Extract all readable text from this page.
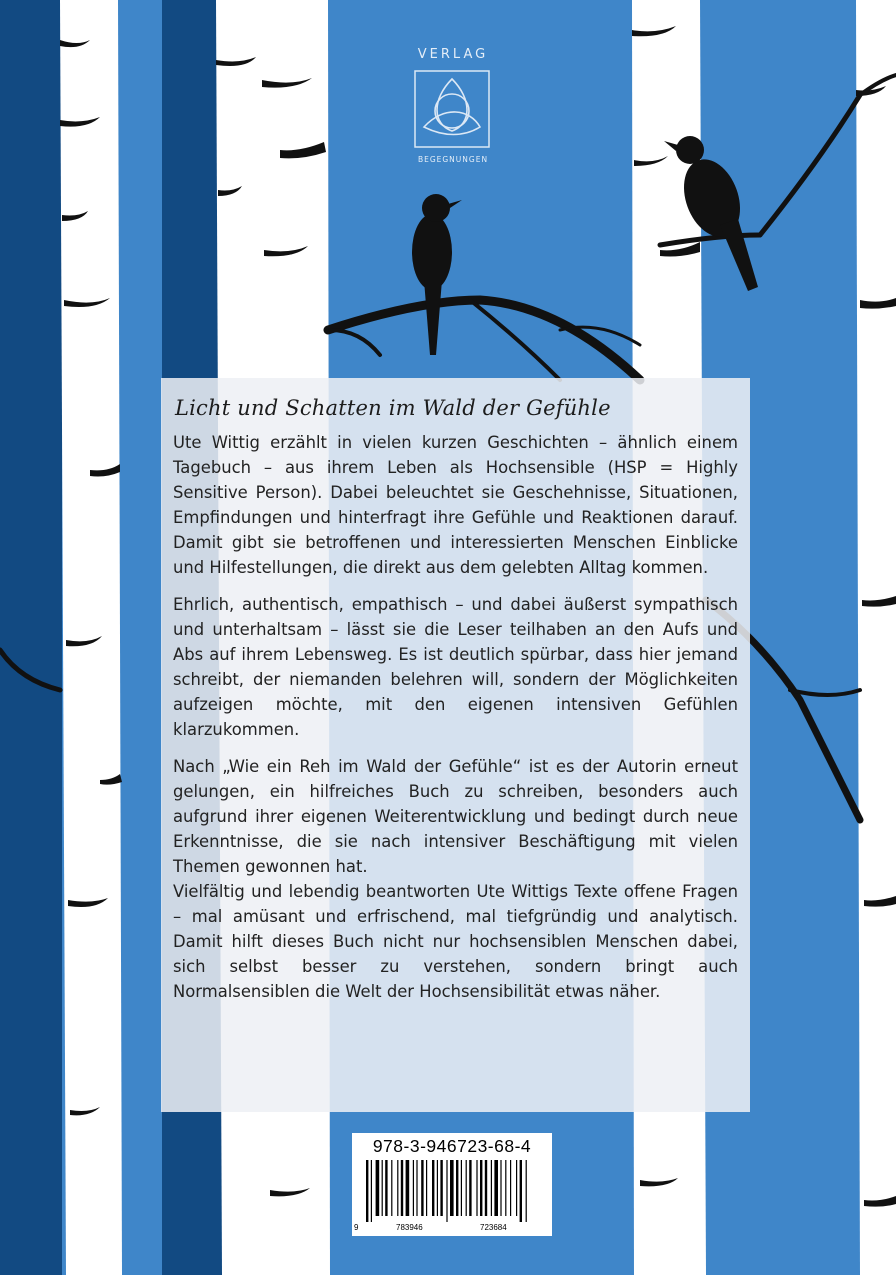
VERLAG
BEGEGNUNGEN
Licht und Schatten im Wald der Gefühle

Ute Wittig erzählt in vielen kurzen Geschichten – ähnlich einem Tagebuch – aus ihrem Leben als Hochsensible (HSP = Highly Sensitive Person). Dabei beleuchtet sie Geschehnisse, Situationen, Empfindungen und hinterfragt ihre Gefühle und Reaktionen darauf. Damit gibt sie betroffenen und interessierten Menschen Einblicke und Hilfestellungen, die direkt aus dem gelebten Alltag kommen.

Ehrlich, authentisch, empathisch – und dabei äußerst sympathisch und unterhaltsam – lässt sie die Leser teilhaben an den Aufs und Abs auf ihrem Lebensweg. Es ist deutlich spürbar, dass hier jemand schreibt, der niemanden belehren will, sondern der Möglichkeiten aufzeigen möchte, mit den eigenen intensiven Gefühlen klarzukommen.

Nach „Wie ein Reh im Wald der Gefühle“ ist es der Autorin erneut gelungen, ein hilfreiches Buch zu schreiben, besonders auch aufgrund ihrer eigenen Weiterentwicklung und bedingt durch neue Erkenntnisse, die sie nach intensiver Beschäftigung mit vielen Themen gewonnen hat.

Vielfältig und lebendig beantworten Ute Wittigs Texte offene Fragen – mal amüsant und erfrischend, mal tiefgründig und analytisch. Damit hilft dieses Buch nicht nur hochsensiblen Menschen dabei, sich selbst besser zu verstehen, sondern bringt auch Normalsensiblen die Welt der Hochsensibilität etwas näher.

978-3-946723-68-4
9	783946	723684
